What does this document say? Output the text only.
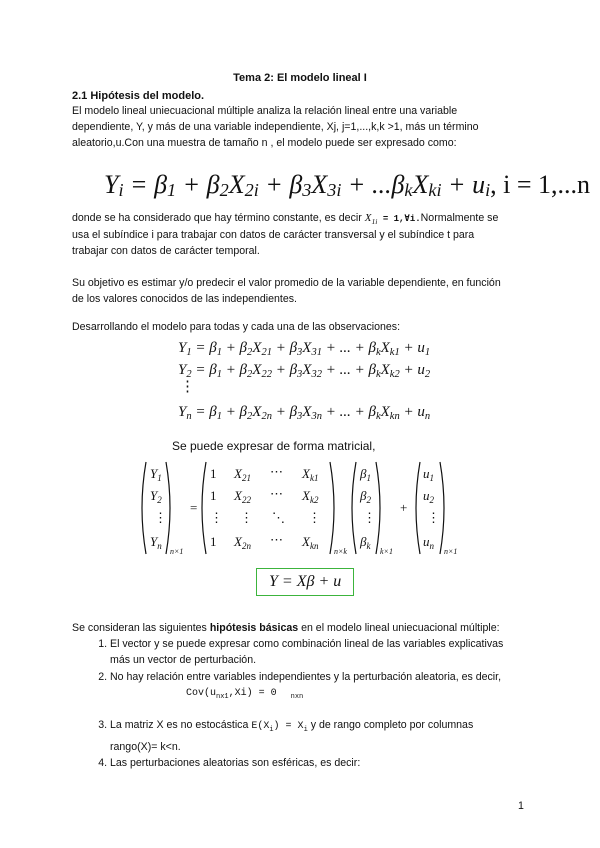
Tema 2: El modelo lineal I
2.1 Hipótesis del modelo.
El modelo lineal uniecuacional múltiple analiza la relación lineal entre una variable
dependiente, Y, y más de una variable independiente, Xj, j=1,...,k,k >1, más un término
aleatorio,u.Con una muestra de tamaño n , el modelo puede ser expresado como:
$Y_i = \beta_1 + \beta_2X_{2i} + \beta_3X_{3i} + ...\beta_kX_{ki} + u_i$, i = 1,...n
donde se ha considerado que hay término constante, es decir $X_{1i}$ = 1,∀i.Normalmente se
usa el subíndice i para trabajar con datos de carácter transversal y el subíndice t para
trabajar con datos de carácter temporal.
Su objetivo es estimar y/o predecir el valor promedio de la variable dependiente, en función
de los valores conocidos de las independientes.
Desarrollando el modelo para todas y cada una de las observaciones:
$Y_1 = \beta_1 + \beta_2X_{21} + \beta_3X_{31}$ + ... + $\beta_kX_{k1} + u_1$
$Y_2 = \beta_1 + \beta_2X_{22} + \beta_3X_{32}$ + ... + $\beta_kX_{k2} + u_2$
⋮
$Y_n = \beta_1 + \beta_2X_{2n} + \beta_3X_{3n}$ + ... + $\beta_kX_{kn} + u_n$
Se puede expresar de forma matricial,
$Y_1$
$Y_2$
⋮
$Y_n$
n×1
=
1 $X_{21}$ ⋯ $X_{k1}$
1 $X_{22}$ ⋯ $X_{k2}$
⋮ ⋮ ⋱ ⋮
1 $X_{2n}$ ⋯ $X_{kn}$
n×k
$\beta_1$
$\beta_2$
⋮
$\beta_k$
k×1
+
$u_1$
$u_2$
⋮
$u_n$
n×1
Y = Xβ + u
Se consideran las siguientes hipótesis básicas en el modelo lineal uniecuacional múltiple:
1. El vector y se puede expresar como combinación lineal de las variables explicativas
más un vector de perturbación.
2. No hay relación entre variables independientes y la perturbación aleatoria, es decir,
$Cov(u_{nx1},Xi) = 0$ $_{nxn}$
3. La matriz X es no estocástica $E(X_i) = X_i$ y de rango completo por columnas
rango(X)= k<n.
4. Las perturbaciones aleatorias son esféricas, es decir:
1
